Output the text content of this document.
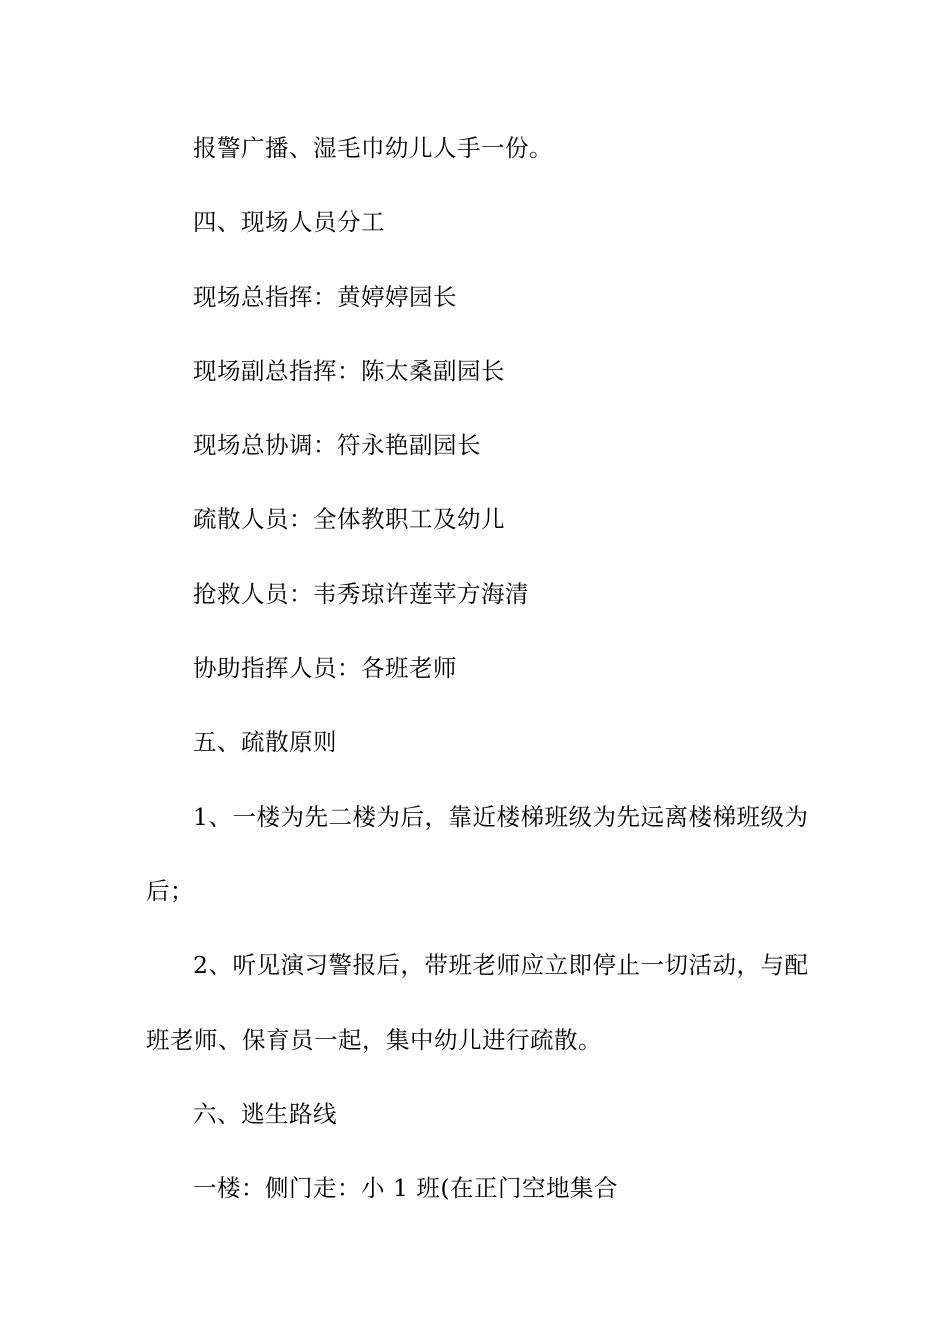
报警广播、湿毛巾幼儿人手一份。

四、现场人员分工

现场总指挥：黄婷婷园长

现场副总指挥：陈太桑副园长

现场总协调：符永艳副园长

疏散人员：全体教职工及幼儿

抢救人员：韦秀琼许莲苹方海清

协助指挥人员：各班老师

五、疏散原则

1、一楼为先二楼为后，靠近楼梯班级为先远离楼梯班级为

后；

2、听见演习警报后，带班老师应立即停止一切活动，与配

班老师、保育员一起，集中幼儿进行疏散。

六、逃生路线

一楼：侧门走：小 1 班(在正门空地集合
